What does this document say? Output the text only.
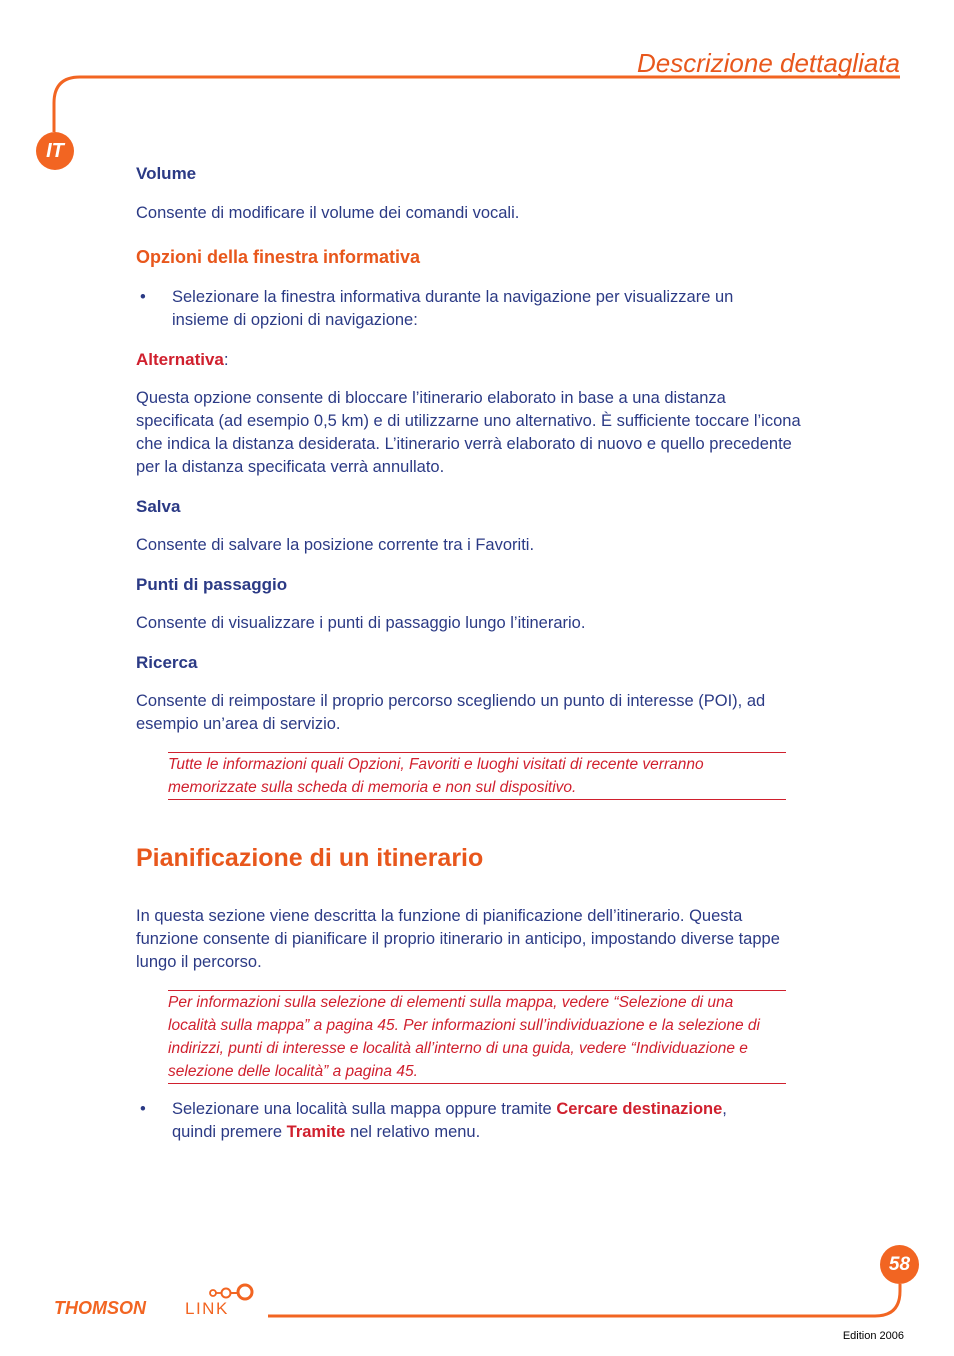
Descrizione dettagliata
IT

Volume

Consente di modificare il volume dei comandi vocali.

Opzioni della finestra informativa

•	Selezionare la finestra informativa durante la navigazione per visualizzare un
insieme di opzioni di navigazione:

Alternativa:

Questa opzione consente di bloccare l’itinerario elaborato in base a una distanza
specificata (ad esempio 0,5 km) e di utilizzarne uno alternativo. È sufficiente toccare l’icona
che indica la distanza desiderata. L’itinerario verrà elaborato di nuovo e quello precedente
per la distanza specificata verrà annullato.

Salva

Consente di salvare la posizione corrente tra i Favoriti.

Punti di passaggio

Consente di visualizzare i punti di passaggio lungo l’itinerario.

Ricerca

Consente di reimpostare il proprio percorso scegliendo un punto di interesse (POI), ad
esempio un’area di servizio.

Tutte le informazioni quali Opzioni, Favoriti e luoghi visitati di recente verranno
memorizzate sulla scheda di memoria e non sul dispositivo.

Pianificazione di un itinerario

In questa sezione viene descritta la funzione di pianificazione dell’itinerario. Questa
funzione consente di pianificare il proprio itinerario in anticipo, impostando diverse tappe
lungo il percorso.

Per informazioni sulla selezione di elementi sulla mappa, vedere “Selezione di una
località sulla mappa” a pagina 45. Per informazioni sull’individuazione e la selezione di
indirizzi, punti di interesse e località all’interno di una guida, vedere “Individuazione e
selezione delle località” a pagina 45.
•	Selezionare una località sulla mappa oppure tramite Cercare destinazione,
quindi premere Tramite nel relativo menu.
58
THOMSON LINK
Edition 2006
